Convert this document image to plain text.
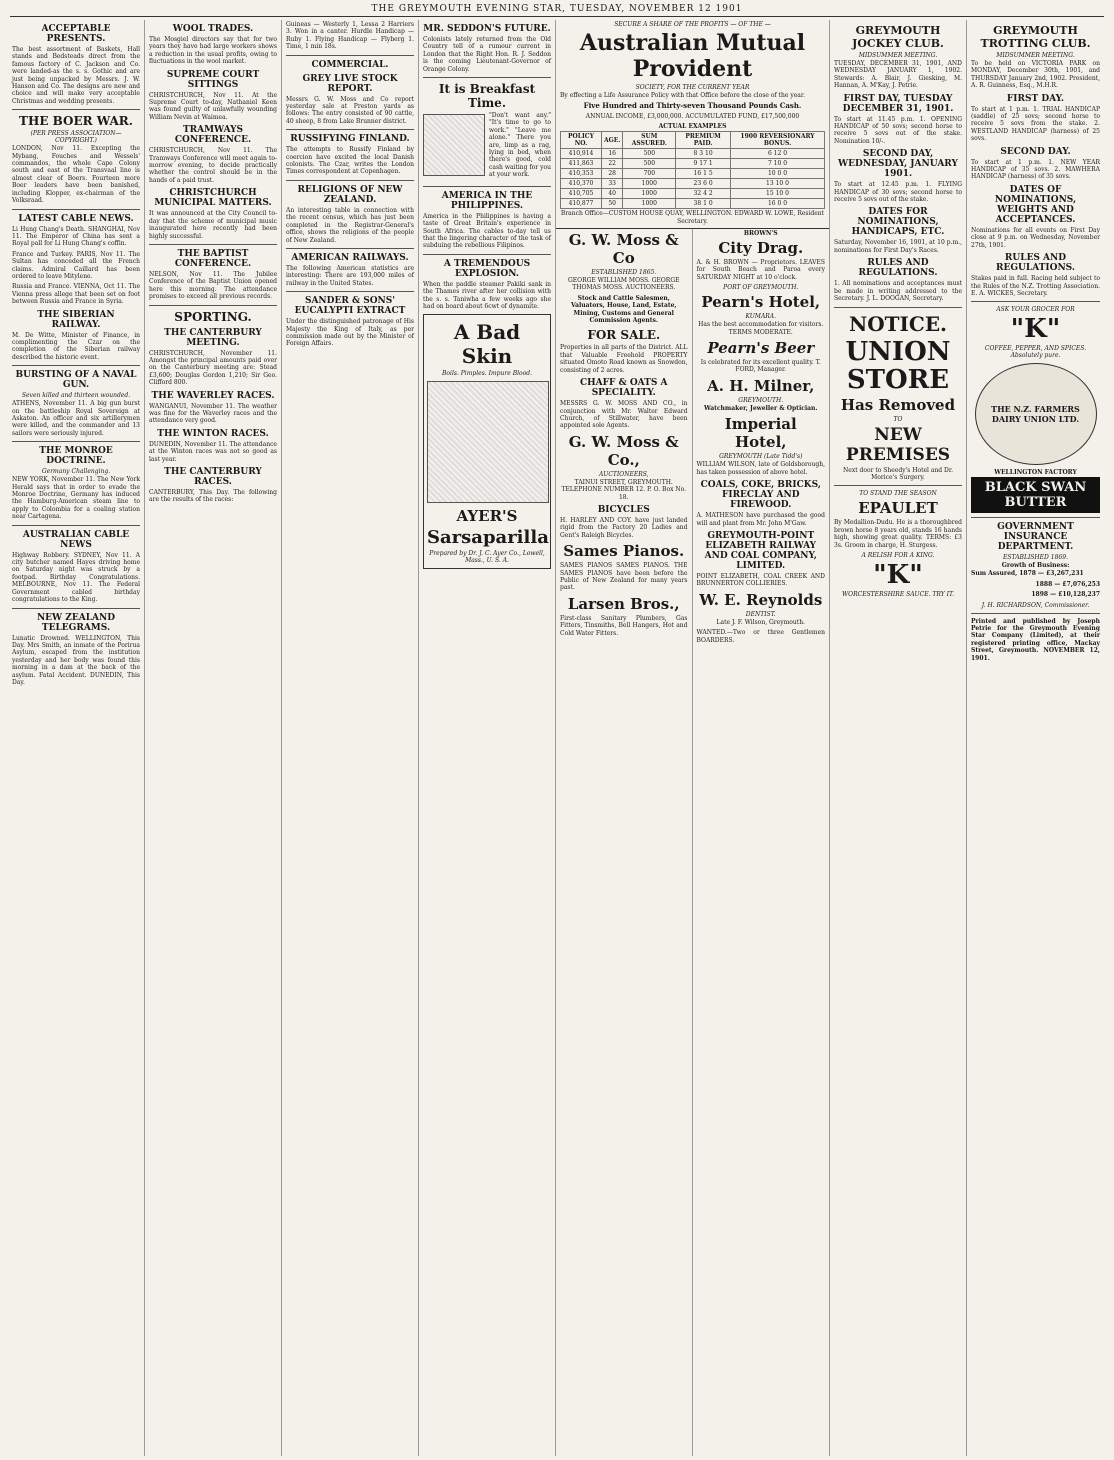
THE GREYMOUTH EVENING STAR, TUESDAY, NOVEMBER 12 1901
ACCEPTABLE PRESENTS.

The best assortment of Baskets, Hall stands and Bedsteads direct from the famous factory of C. Jackson and Co. were landed-as the s. s. Gothic and are just being unpacked by Messrs. J. W. Hanson and Co. The designs are new and choice and will make very acceptable Christmas and wedding presents.

THE BOER WAR.

(PER PRESS ASSOCIATION—COPYRIGHT.)

LONDON, Nov 11. Excepting the Mybang, Fouches and Wessels' commandos, the whole Cape Colony south and east of the Transvaal line is almost clear of Boers. Fourteen more Boer leaders have been banished, including Klopper, ex-chairman of the Volksraad.

LATEST CABLE NEWS.

Li Hung Chang's Death. SHANGHAI, Nov 11. The Emperor of China has sent a Royal pall for Li Hung Chang's coffin.

France and Turkey. PARIS, Nov 11. The Sultan has conceded all the French claims. Admiral Caillard has been ordered to leave Mitylene.

Russia and France. VIENNA, Oct 11. The Vienna press allege that been set on foot between Russia and France in Syria.

THE SIBERIAN RAILWAY.

M. De Witte, Minister of Finance, in complimenting the Czar on the completion of the Siberian railway described the historic event.

BURSTING OF A NAVAL GUN.

Seven killed and thirteen wounded.

ATHENS, November 11. A big gun burst on the battleship Royal Sovereign at Askaton. An officer and six artillerymen were killed, and the commander and 13 sailors were seriously injured.

THE MONROE DOCTRINE.

Germany Challenging.

NEW YORK, November 11. The New York Herald says that in order to evade the Monroe Doctrine, Germany has induced the Hamburg-American steam line to apply to Colombia for a coaling station near Cartagena.

AUSTRALIAN CABLE NEWS

Highway Robbery. SYDNEY, Nov 11. A city butcher named Hayes driving home on Saturday night was struck by a footpad. Birthday Congratulations. MELBOURNE, Nov 11. The Federal Government cabled birthday congratulations to the King.

NEW ZEALAND TELEGRAMS.

Lunatic Drowned. WELLINGTON, This Day. Mrs Smith, an inmate of the Porirua Asylum, escaped from the institution yesterday and her body was found this morning in a dam at the back of the asylum. Fatal Accident. DUNEDIN, This Day.

WOOL TRADES.

The Mosgiel directors say that for two years they have had large workers shows a reduction in the usual profits, owing to fluctuations in the wool market.

SUPREME COURT SITTINGS

CHRISTCHURCH, Nov 11. At the Supreme Court to-day, Nathaniel Keen was found guilty of unlawfully wounding William Nevin at Waimea.

TRAMWAYS CONFERENCE.

CHRISTCHURCH, Nov 11. The Tramways Conference will meet again to-morrow evening, to decide practically whether the control should be in the hands of a paid trust.

CHRISTCHURCH MUNICIPAL MATTERS.

It was announced at the City Council to-day that the scheme of municipal music inaugurated here recently had been highly successful.

THE BAPTIST CONFERENCE.

NELSON, Nov 11. The Jubilee Conference of the Baptist Union opened here this morning. The attendance promises to exceed all previous records.

SPORTING.
THE CANTERBURY MEETING.

CHRISTCHURCH, November 11. Amongst the principal amounts paid over on the Canterbury meeting are: Stead £3,600; Douglas Gordon 1,210; Sir Geo. Clifford 800.

THE WAVERLEY RACES.

WANGANUI, November 11. The weather was fine for the Waverley races and the attendance very good.

THE WINTON RACES.

DUNEDIN, November 11. The attendance at the Winton races was not so good as last year.

THE CANTERBURY RACES.

CANTERBURY, This Day. The following are the results of the races:

Guineas — Westerly 1, Lessa 2 Harriers 3. Won in a canter. Hurdle Handicap — Ruby 1. Flying Handicap — Flyberg 1. Time, 1 min 18s.

COMMERCIAL.
GREY LIVE STOCK REPORT.

Messrs G. W. Moss and Co report yesterday sale at Preston yards as follows: The entry consisted of 90 cattle, 40 sheep, 8 from Lake Brunner district.

RUSSIFYING FINLAND.

The attempts to Russify Finland by coercion have excited the local Danish colonists. The Czar, writes the London Times correspondent at Copenhagen.

RELIGIONS OF NEW ZEALAND.

An interesting table in connection with the recent census, which has just been completed in the Registrar-General's office, shows the religions of the people of New Zealand.

AMERICAN RAILWAYS.

The following American statistics are interesting: There are 193,000 miles of railway in the United States.

SANDER & SONS' EUCALYPTI EXTRACT

Under the distinguished patronage of His Majesty the King of Italy, as per commission made out by the Minister of Foreign Affairs.

MR. SEDDON'S FUTURE.

Colonists lately returned from the Old Country tell of a rumour current in London that the Right Hon. R. J. Seddon is the coming Lieutenant-Governor of Orange Colony.

It is Breakfast Time.

"Don't want any." "It's time to go to work." "Leave me alone." There you are, limp as a rag, lying in bed, when there's good, cold cash waiting for you at your work.

AMERICA IN THE PHILIPPINES.

America in the Philippines is having a taste of Great Britain's experience in South Africa. The cables to-day tell us that the lingering character of the task of subduing the rebellious Filipinos.

A TREMENDOUS EXPLOSION.

When the paddle steamer Pakiki sank in the Thames river after her collision with the s. s. Taniwha a few weeks ago she had on board about 6cwt of dynamite.

A Bad Skin

Boils. Pimples. Impure Blood.

AYER'S
Sarsaparilla

Prepared by Dr. J. C. Ayer Co., Lowell, Mass., U. S. A.

SECURE A SHARE OF THE PROFITS — OF THE —

Australian Mutual Provident

SOCIETY, FOR THE CURRENT YEAR

By effecting a Life Assurance Policy with that Office before the close of the year.

Five Hundred and Thirty-seven Thousand Pounds Cash.

ANNUAL INCOME, £3,000,000. ACCUMULATED FUND, £17,500,000

ACTUAL EXAMPLES

POLICY NO.	AGE.	SUM ASSURED.	PREMIUM PAID.	1900 REVERSIONARY BONUS.
410,914	16	500	8 3 10	6 12 0
411,863	22	500	9 17 1	7 10 0
410,353	28	700	16 1 5	10 0 0
410,370	33	1000	23 6 0	13 10 0
410,705	40	1000	32 4 2	15 10 0
410,877	50	1000	38 1 0	16 0 0

Branch Office—CUSTOM HOUSE QUAY, WELLINGTON. EDWARD W. LOWE, Resident Secretary.

G. W. Moss & Co

ESTABLISHED 1865.

GEORGE WILLIAM MOSS. GEORGE THOMAS MOSS. AUCTIONEERS.

Stock and Cattle Salesmen, Valuators, House, Land, Estate, Mining, Customs and General Commission Agents.

FOR SALE.

Properties in all parts of the District. ALL that Valuable Freehold PROPERTY situated Omoto Road known as Snowdon, consisting of 2 acres.

CHAFF & OATS A SPECIALITY.

MESSRS G. W. MOSS AND CO., in conjunction with Mr. Walter Edward Church, of Stillwater, have been appointed sole Agents.

G. W. Moss & Co.,

AUCTIONEERS,

TAINUI STREET, GREYMOUTH. TELEPHONE NUMBER 12. P. O. Box No. 18.

BICYCLES

H. HARLEY AND COY. have just landed rigid from the Factory 20 Ladies and Gent's Raleigh Bicycles.

Sames Pianos.

SAMES PIANOS SAMES PIANOS. THE SAMES PIANOS have been before the Public of New Zealand for many years past.

Larsen Bros.,

First-class Sanitary Plumbers, Gas Fitters, Tinsmiths, Bell Hangers, Hot and Cold Water Fitters.

BROWN'S

City Drag.

A. & H. BROWN — Proprietors. LEAVES for South Beach and Paroa every SATURDAY NIGHT at 10 o'clock.

PORT OF GREYMOUTH.

Pearn's Hotel,

KUMARA.

Has the best accommodation for visitors. TERMS MODERATE.

Pearn's Beer

Is celebrated for its excellent quality. T. FORD, Manager.

A. H. Milner,

GREYMOUTH.

Watchmaker, Jeweller & Optician.

Imperial Hotel,

GREYMOUTH (Late Tidd's)

WILLIAM WILSON, late of Goldsborough, has taken possession of above hotel.

COALS, COKE, BRICKS, FIRECLAY AND FIREWOOD.

A. MATHESON have purchased the good will and plant from Mr. John M'Gaw.

GREYMOUTH-POINT ELIZABETH RAILWAY AND COAL COMPANY, LIMITED.

POINT ELIZABETH, COAL CREEK AND BRUNNERTON COLLIERIES.

W. E. Reynolds

DENTIST.

Late J. F. Wilson, Greymouth.

WANTED.—Two or three Gentlemen BOARDERS.

GREYMOUTH JOCKEY CLUB.

MIDSUMMER MEETING.

TUESDAY, DECEMBER 31, 1901, AND WEDNESDAY JANUARY 1, 1902. Stewards: A. Blair, J. Giesking, M. Hannan, A. M'Kay, J. Petrie.

FIRST DAY, TUESDAY DECEMBER 31, 1901.

To start at 11.45 p.m. 1. OPENING HANDICAP of 50 sovs; second horse to receive 5 sovs out of the stake. Nomination 10/-.

SECOND DAY, WEDNESDAY, JANUARY 1901.

To start at 12.45 p.m. 1. FLYING HANDICAP of 30 sovs; second horse to receive 5 sovs out of the stake.

DATES FOR NOMINATIONS, HANDICAPS, ETC.

Saturday, November 16, 1901, at 10 p.m., nominations for First Day's Races.

RULES AND REGULATIONS.

1. All nominations and acceptances must be made in writing addressed to the Secretary. J. L. DOOGAN, Secretary.

NOTICE.
UNION STORE
Has Removed

TO

NEW PREMISES

Next door to Sheedy's Hotel and Dr. Morice's Surgery.

TO STAND THE SEASON

EPAULET

By Medallion-Dudu. He is a thoroughbred brown horse 8 years old, stands 16 hands high, showing great quality. TERMS: £3 3s. Groom in charge, H. Sturgess.

A RELISH FOR A KING.

"K"

WORCESTERSHIRE SAUCE. TRY IT.

GREYMOUTH TROTTING CLUB.

MIDSUMMER MEETING.

To be held on VICTORIA PARK on MONDAY, December 30th, 1901, and THURSDAY January 2nd, 1902. President, A. R. Guinness, Esq., M.H.R.

FIRST DAY.

To start at 1 p.m. 1. TRIAL HANDICAP (saddle) of 25 sovs; second horse to receive 5 sovs from the stake. 2. WESTLAND HANDICAP (harness) of 25 sovs.

SECOND DAY.

To start at 1 p.m. 1. NEW YEAR HANDICAP of 35 sovs. 2. MAWHERA HANDICAP (harness) of 35 sovs.

DATES OF NOMINATIONS, WEIGHTS AND ACCEPTANCES.

Nominations for all events on First Day close at 9 p.m. on Wednesday, November 27th, 1901.

RULES AND REGULATIONS.

Stakes paid in full. Racing held subject to the Rules of the N.Z. Trotting Association. E. A. WICKES, Secretary.

ASK YOUR GROCER FOR

"K"

COFFEE, PEPPER, AND SPICES. Absolutely pure.

THE N.Z. FARMERS DAIRY UNION LTD.

WELLINGTON FACTORY

BLACK SWAN BUTTER
GOVERNMENT INSURANCE DEPARTMENT.

ESTABLISHED 1869.

Growth of Business:

Sum Assured, 1878 — £3,267,231

1888 — £7,076,253

1898 — £10,128,237

J. H. RICHARDSON, Commissioner.

Printed and published by Joseph Petrie for the Greymouth Evening Star Company (Limited), at their registered printing office, Mackay Street, Greymouth. NOVEMBER 12, 1901.
